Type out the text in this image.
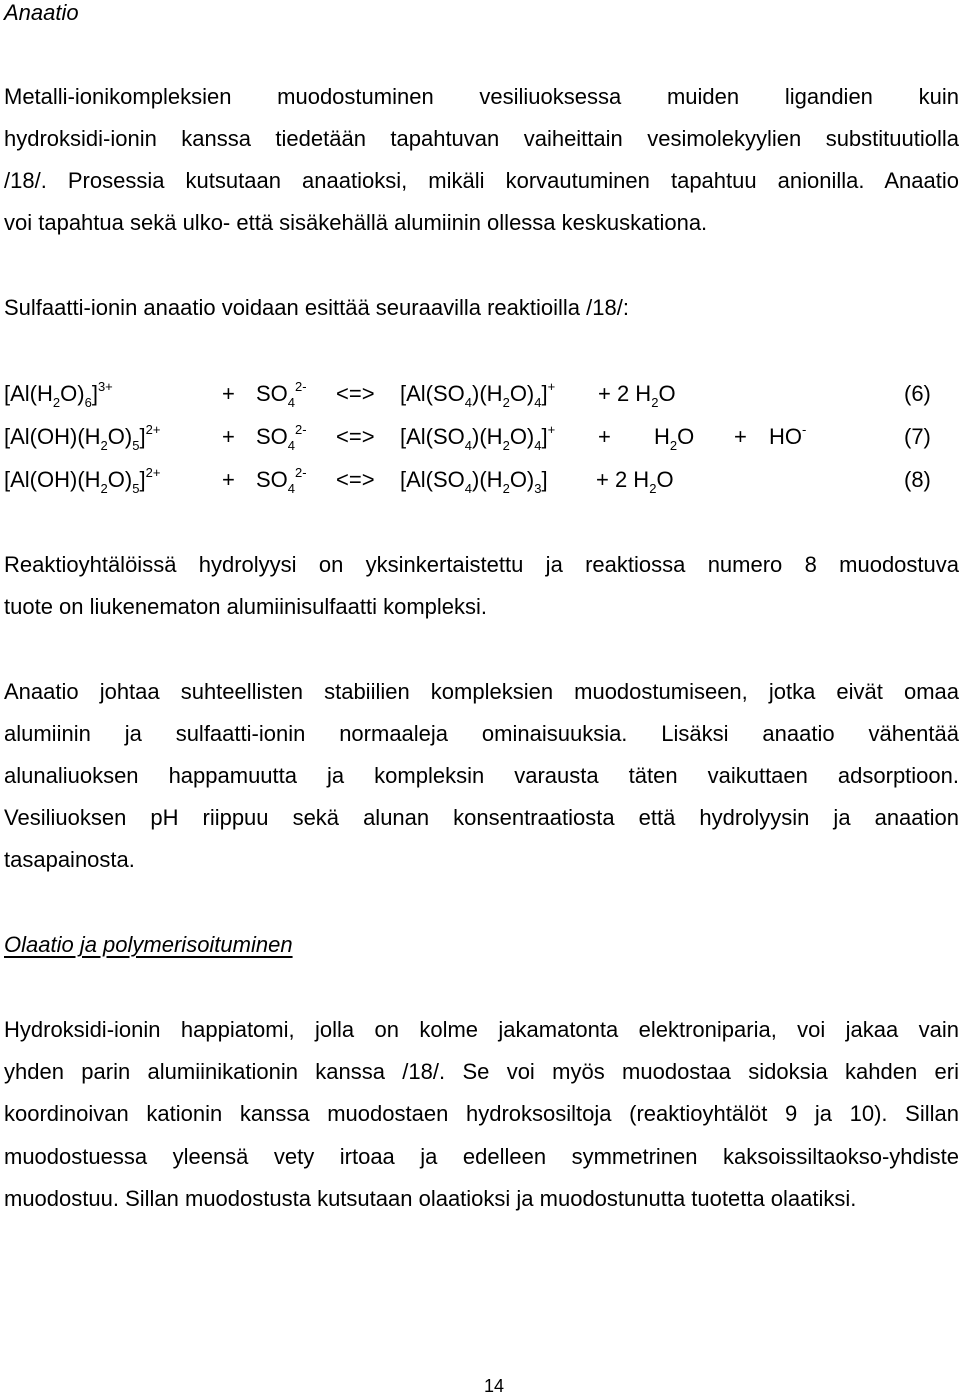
Anaatio
Metalli-ionikompleksien muodostuminen vesiliuoksessa muiden ligandien kuin
hydroksidi-ionin kanssa tiedetään tapahtuvan vaiheittain vesimolekyylien substituutiolla
/18/. Prosessia kutsutaan anaatioksi, mikäli korvautuminen tapahtuu anionilla. Anaatio
voi tapahtua sekä ulko- että sisäkehällä alumiinin ollessa keskuskationa.
Sulfaatti-ionin anaatio voidaan esittää seuraavilla reaktioilla /18/:
$[Al(H_2O)_6]^{3+}$	+ $SO_4^{2-}$ <=> $[Al(SO_4)(H_2O)_4]^+ + 2$ $H_2O$	(6)
$[Al(OH)(H_2O)_5]^{2+}$	+ $SO_4^{2-}$ <=> $[Al(SO_4)(H_2O)_4]^+ + H_2O + HO^-$	(7)
$[Al(OH)(H_2O)_5]^{2+}$	+ $SO_4^{2-}$ <=> $[Al(SO_4)(H_2O)_3] + 2$ $H_2O$	(8)
Reaktioyhtälöissä hydrolyysi on yksinkertaistettu ja reaktiossa numero 8 muodostuva
tuote on liukenematon alumiinisulfaatti kompleksi.
Anaatio johtaa suhteellisten stabiilien kompleksien muodostumiseen, jotka eivät omaa
alumiinin ja sulfaatti-ionin normaaleja ominaisuuksia. Lisäksi anaatio vähentää
alunaliuoksen happamuutta ja kompleksin varausta täten vaikuttaen adsorptioon.
Vesiliuoksen pH riippuu sekä alunan konsentraatiosta että hydrolyysin ja anaation
tasapainosta.
Olaatio ja polymerisoituminen
Hydroksidi-ionin happiatomi, jolla on kolme jakamatonta elektroniparia, voi jakaa vain
yhden parin alumiinikationin kanssa /18/. Se voi myös muodostaa sidoksia kahden eri
koordinoivan kationin kanssa muodostaen hydroksosiltoja (reaktioyhtälöt 9 ja 10). Sillan
muodostuessa yleensä vety irtoaa ja edelleen symmetrinen kaksoissiltaokso-yhdiste
muodostuu. Sillan muodostusta kutsutaan olaatioksi ja muodostunutta tuotetta olaatiksi.
14
